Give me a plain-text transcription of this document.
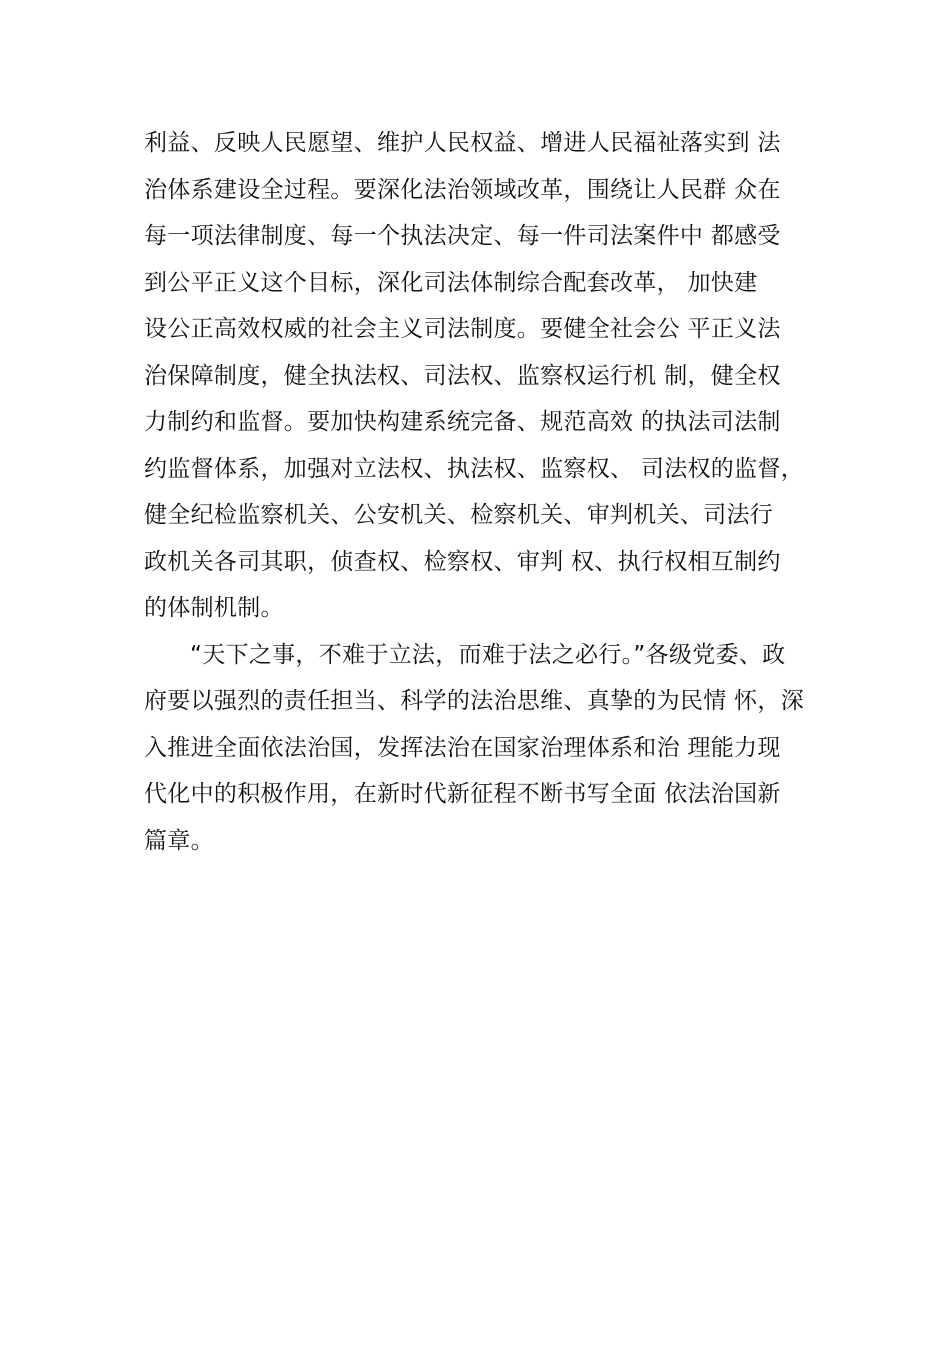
利益、反映人民愿望、维护人民权益、增进人民福祉落实到 法
治体系建设全过程。要深化法治领域改革，围绕让人民群 众在
每一项法律制度、每一个执法决定、每一件司法案件中 都感受
到公平正义这个目标，深化司法体制综合配套改革， 加快建
设公正高效权威的社会主义司法制度。要健全社会公 平正义法
治保障制度，健全执法权、司法权、监察权运行机 制，健全权
力制约和监督。要加快构建系统完备、规范高效 的执法司法制
约监督体系，加强对立法权、执法权、监察权、 司法权的监督，
健全纪检监察机关、公安机关、检察机关、审判机关、司法行
政机关各司其职，侦查权、检察权、审判 权、执行权相互制约
的体制机制。
“天下之事，不难于立法，而难于法之必行。”各级党委、政
府要以强烈的责任担当、科学的法治思维、真挚的为民情 怀，深
入推进全面依法治国，发挥法治在国家治理体系和治 理能力现
代化中的积极作用，在新时代新征程不断书写全面 依法治国新
篇章。
